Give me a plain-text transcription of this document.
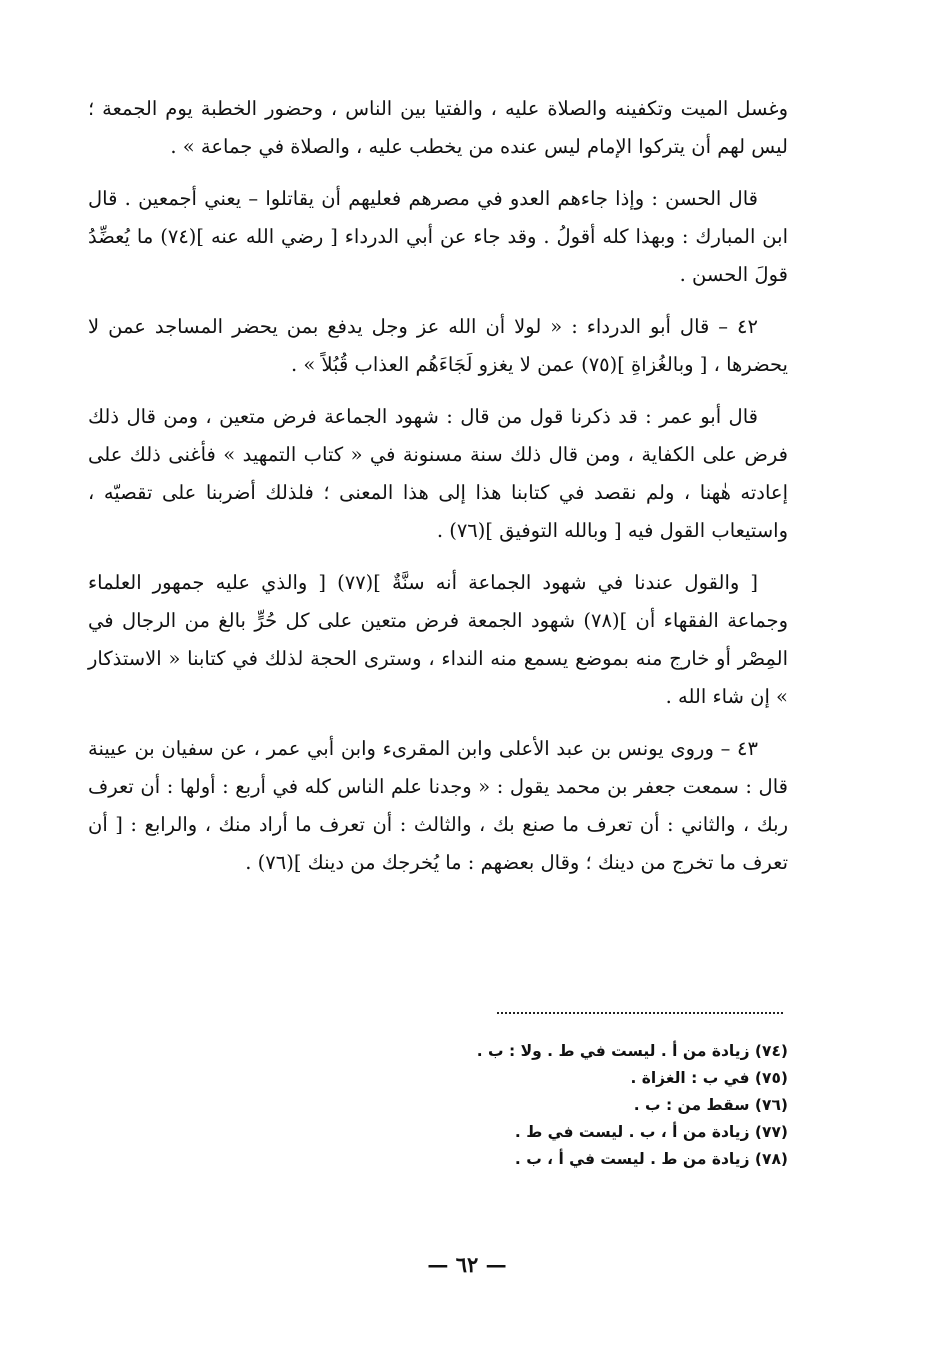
وغسل الميت وتكفينه والصلاة عليه ، والفتيا بين الناس ، وحضور الخطبة يوم الجمعة ؛ ليس لهم أن يتركوا الإمام ليس عنده من يخطب عليه ، والصلاة في جماعة » .

قال الحسن : وإذا جاءهم العدو في مصرهم فعليهم أن يقاتلوا – يعني أجمعين . قال ابن المبارك : وبهذا كله أقولُ . وقد جاء عن أبي الدرداء [ رضي الله عنه ](٧٤) ما يُعضِّدُ قولَ الحسن .

٤٢ – قال أبو الدرداء : « لولا أن الله عز وجل يدفع بمن يحضر المساجد عمن لا يحضرها ، [ وبالغُزاةِ ](٧٥) عمن لا يغزو لَجَاءَهُم العذاب قُبُلاً » .

قال أبو عمر : قد ذكرنا قول من قال : شهود الجماعة فرض متعين ، ومن قال ذلك فرض على الكفاية ، ومن قال ذلك سنة مسنونة في « كتاب التمهيد » فأغنى ذلك على إعادته هٰهنا ، ولم نقصد في كتابنا هذا إلى هذا المعنى ؛ فلذلك أضربنا على تقصيّه ، واستيعاب القول فيه [ وبالله التوفيق ](٧٦) .

[ والقول عندنا في شهود الجماعة أنه سنَّةٌ ](٧٧) [ والذي عليه جمهور العلماء وجماعة الفقهاء أن ](٧٨) شهود الجمعة فرض متعين على كل حُرٍّ بالغ من الرجال في المِصْر أو خارج منه بموضع يسمع منه النداء ، وسترى الحجة لذلك في كتابنا « الاستذكار » إن شاء الله .

٤٣ – وروى يونس بن عبد الأعلى وابن المقرىء وابن أبي عمر ، عن سفيان بن عيينة قال : سمعت جعفر بن محمد يقول : « وجدنا علم الناس كله في أربع : أولها : أن تعرف ربك ، والثاني : أن تعرف ما صنع بك ، والثالث : أن تعرف ما أراد منك ، والرابع : [ أن تعرف ما تخرج من دينك ؛ وقال بعضهم : ما يُخرجك من دينك ](٧٦) .

(٧٤) زيادة من أ . ليست في ط . ولا : ب .
(٧٥) في ب : الغزاة .
(٧٦) سقط من : ب .
(٧٧) زيادة من أ ، ب . ليست في ط .
(٧٨) زيادة من ط . ليست في أ ، ب .
— ٦٢ —
